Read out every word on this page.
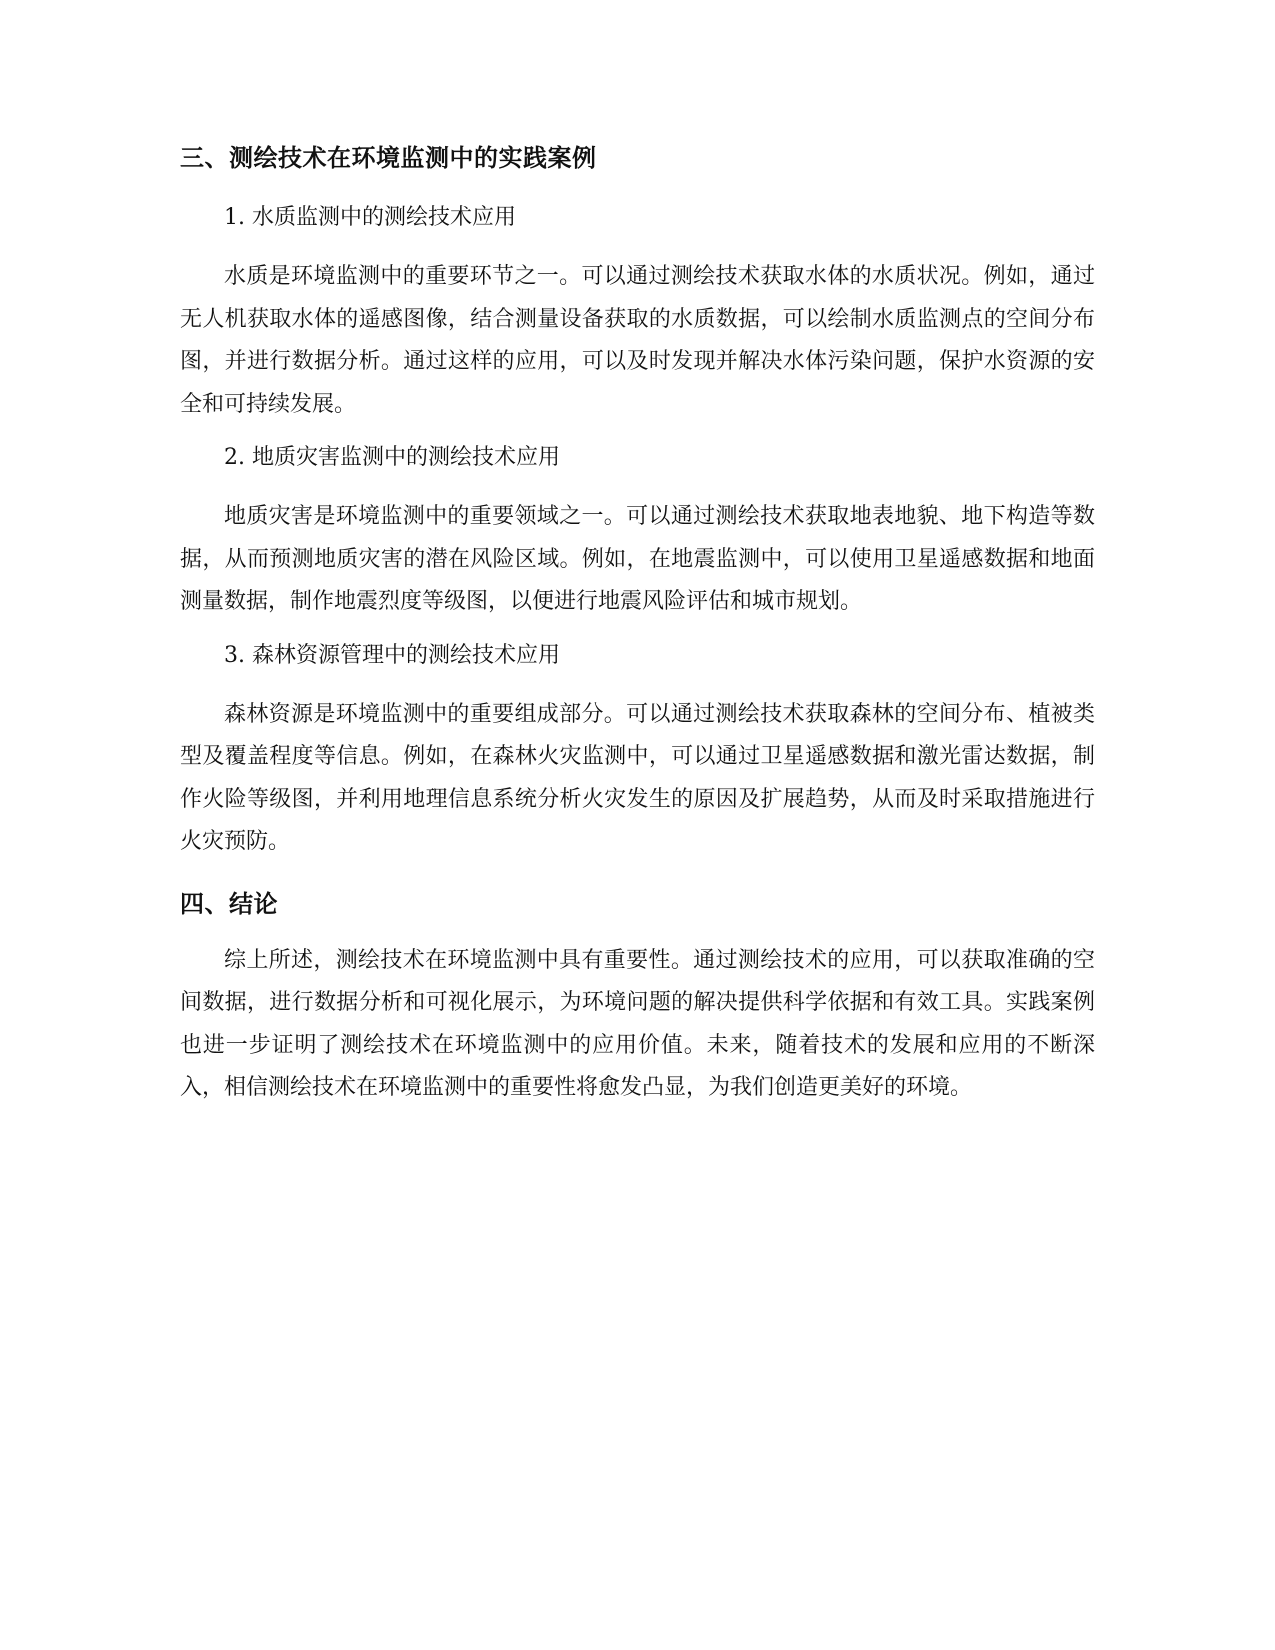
三、测绘技术在环境监测中的实践案例

1. 水质监测中的测绘技术应用

水质是环境监测中的重要环节之一。可以通过测绘技术获取水体的水质状况。例如，通过无人机获取水体的遥感图像，结合测量设备获取的水质数据，可以绘制水质监测点的空间分布图，并进行数据分析。通过这样的应用，可以及时发现并解决水体污染问题，保护水资源的安全和可持续发展。

2. 地质灾害监测中的测绘技术应用

地质灾害是环境监测中的重要领域之一。可以通过测绘技术获取地表地貌、地下构造等数据，从而预测地质灾害的潜在风险区域。例如，在地震监测中，可以使用卫星遥感数据和地面测量数据，制作地震烈度等级图，以便进行地震风险评估和城市规划。

3. 森林资源管理中的测绘技术应用

森林资源是环境监测中的重要组成部分。可以通过测绘技术获取森林的空间分布、植被类型及覆盖程度等信息。例如，在森林火灾监测中，可以通过卫星遥感数据和激光雷达数据，制作火险等级图，并利用地理信息系统分析火灾发生的原因及扩展趋势，从而及时采取措施进行火灾预防。

四、结论

综上所述，测绘技术在环境监测中具有重要性。通过测绘技术的应用，可以获取准确的空间数据，进行数据分析和可视化展示，为环境问题的解决提供科学依据和有效工具。实践案例也进一步证明了测绘技术在环境监测中的应用价值。未来，随着技术的发展和应用的不断深入，相信测绘技术在环境监测中的重要性将愈发凸显，为我们创造更美好的环境。
